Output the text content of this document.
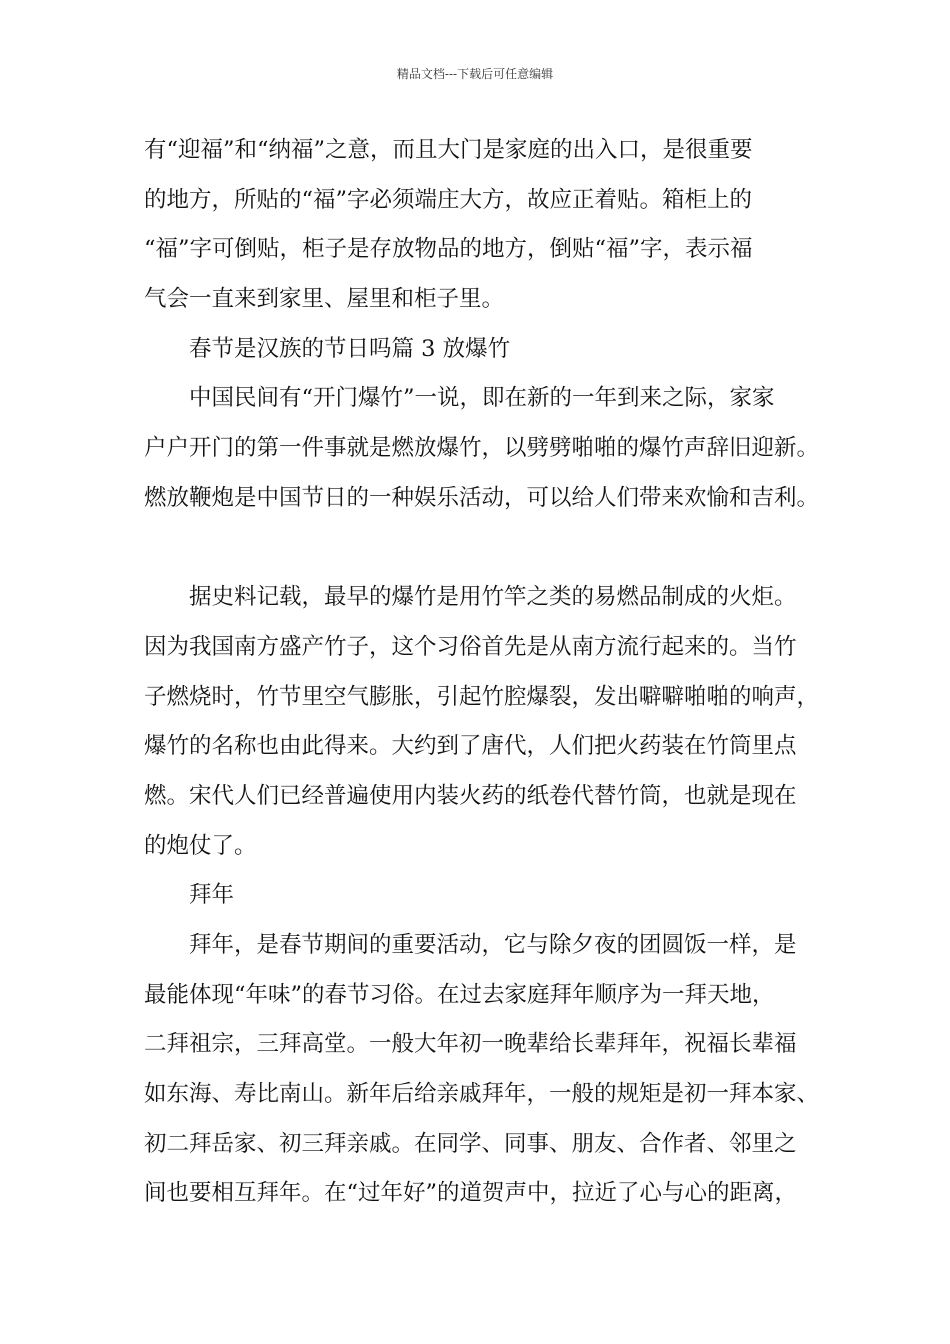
精品文档---下载后可任意编辑
有“迎福”和“纳福”之意，而且大门是家庭的出入口，是很重要
的地方，所贴的“福”字必须端庄大方，故应正着贴。箱柜上的
“福”字可倒贴，柜子是存放物品的地方，倒贴“福”字，表示福
气会一直来到家里、屋里和柜子里。
春节是汉族的节日吗篇 3 放爆竹
中国民间有“开门爆竹”一说，即在新的一年到来之际，家家
户户开门的第一件事就是燃放爆竹，以劈劈啪啪的爆竹声辞旧迎新。
燃放鞭炮是中国节日的一种娱乐活动，可以给人们带来欢愉和吉利。
据史料记载，最早的爆竹是用竹竿之类的易燃品制成的火炬。
因为我国南方盛产竹子，这个习俗首先是从南方流行起来的。当竹
子燃烧时，竹节里空气膨胀，引起竹腔爆裂，发出噼噼啪啪的响声，
爆竹的名称也由此得来。大约到了唐代，人们把火药装在竹筒里点
燃。宋代人们已经普遍使用内装火药的纸卷代替竹筒，也就是现在
的炮仗了。
拜年
拜年，是春节期间的重要活动，它与除夕夜的团圆饭一样，是
最能体现“年味”的春节习俗。在过去家庭拜年顺序为一拜天地，
二拜祖宗，三拜高堂。一般大年初一晚辈给长辈拜年，祝福长辈福
如东海、寿比南山。新年后给亲戚拜年，一般的规矩是初一拜本家、
初二拜岳家、初三拜亲戚。在同学、同事、朋友、合作者、邻里之
间也要相互拜年。在“过年好”的道贺声中，拉近了心与心的距离，
